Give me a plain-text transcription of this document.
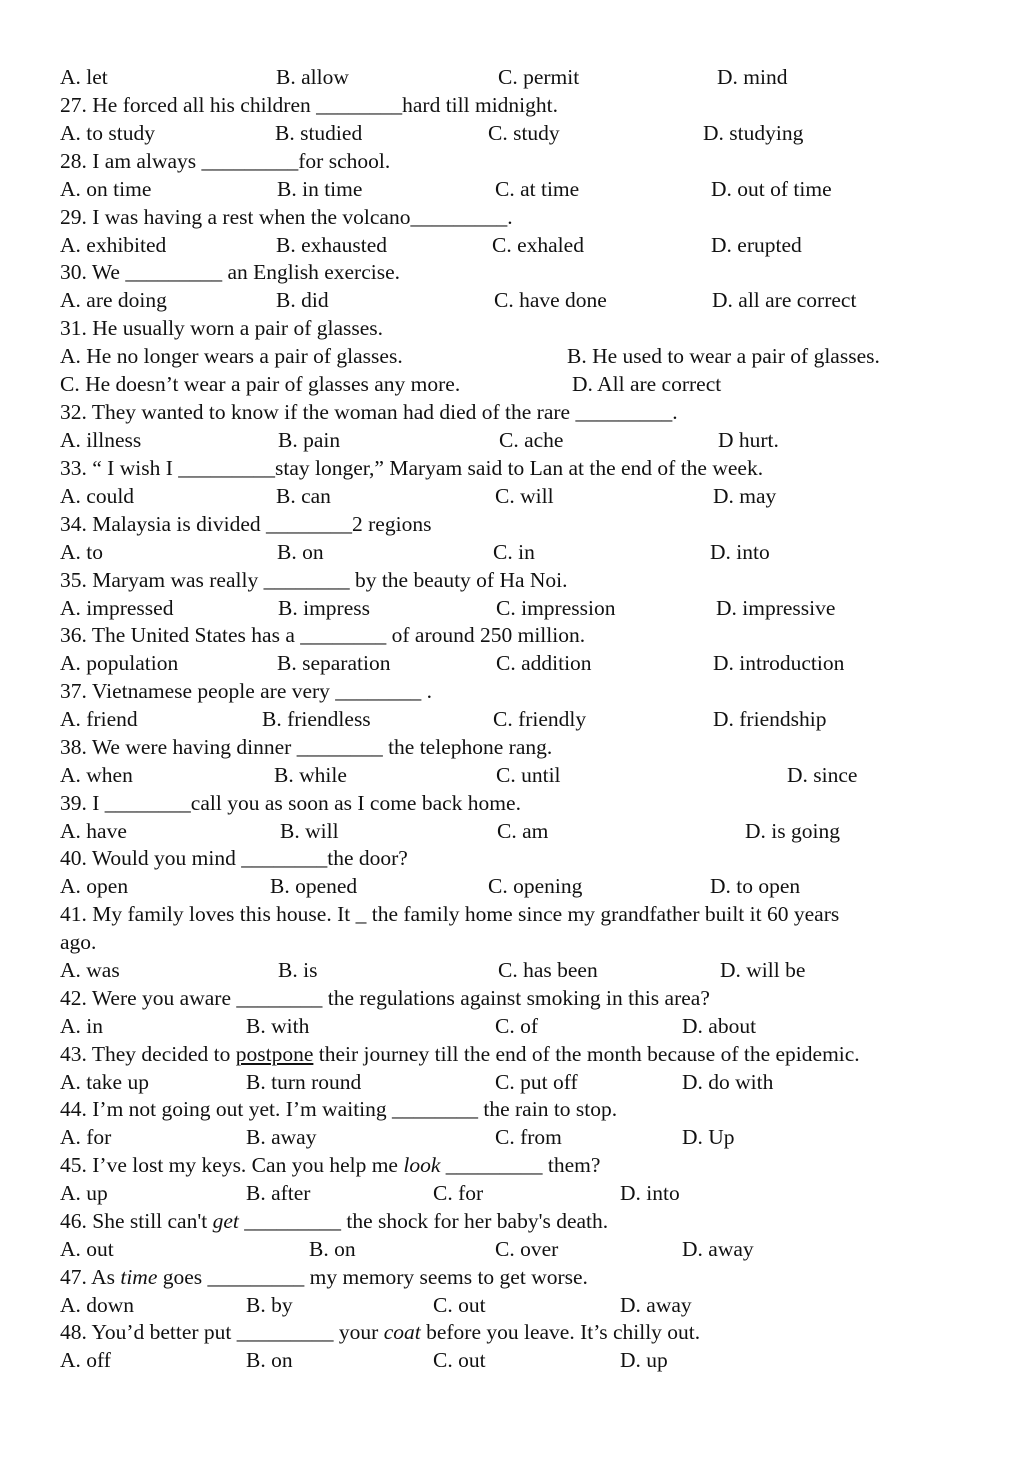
A. let	B. allow	C. permit	D. mind
27. He forced all his children ________hard till midnight.
A. to study	B. studied	C. study	D. studying
28. I am always _________for school.
A. on time	B. in time	C. at time	D. out of time
29. I was having a rest when the volcano_________.
A. exhibited	B. exhausted	C. exhaled	D. erupted
30. We _________ an English exercise.
A. are doing	B. did	C. have done	D. all are correct
31. He usually worn a pair of glasses.
A. He no longer wears a pair of glasses.	B. He used to wear a pair of glasses.
C. He doesn’t wear a pair of glasses any more.	D. All are correct
32. They wanted to know if the woman had died of the rare _________.
A. illness	B. pain	C. ache	D hurt.
33. “ I wish I _________stay longer,” Maryam said to Lan at the end of the week.
A. could	B. can	C. will	D. may
34. Malaysia is divided ________2 regions
A. to	B. on	C. in	D. into
35. Maryam was really ________ by the beauty of Ha Noi.
A. impressed	B. impress	C. impression	D. impressive
36. The United States has a ________ of around 250 million.
A. population	B. separation	C. addition	D. introduction
37. Vietnamese people are very ________ .
A. friend	B. friendless	C. friendly	D. friendship
38. We were having dinner ________ the telephone rang.
A. when	B. while	C. until	D. since
39. I ________call you as soon as I come back home.
A. have	B. will	C. am	D. is going
40. Would you mind ________the door?
A. open	B. opened	C. opening	D. to open
41. My family loves this house. It _ the family home since my grandfather built it 60 years
ago.
A. was	B. is	C. has been	D. will be
42. Were you aware ________ the regulations against smoking in this area?
A. in	B. with	C. of	D. about
43. They decided to postpone their journey till the end of the month because of the epidemic.
A. take up	B. turn round	C. put off	D. do with
44. I’m not going out yet. I’m waiting ________ the rain to stop.
A. for	B. away	C. from	D. Up
45. I’ve lost my keys. Can you help me look _________ them?
A. up	B. after	C. for	D. into
46. She still can't get _________ the shock for her baby's death.
A. out	B. on	C. over	D. away
47. As time goes _________ my memory seems to get worse.
A. down	B. by	C. out	D. away
48. You’d better put _________ your coat before you leave. It’s chilly out.
A. off	B. on	C. out	D. up
